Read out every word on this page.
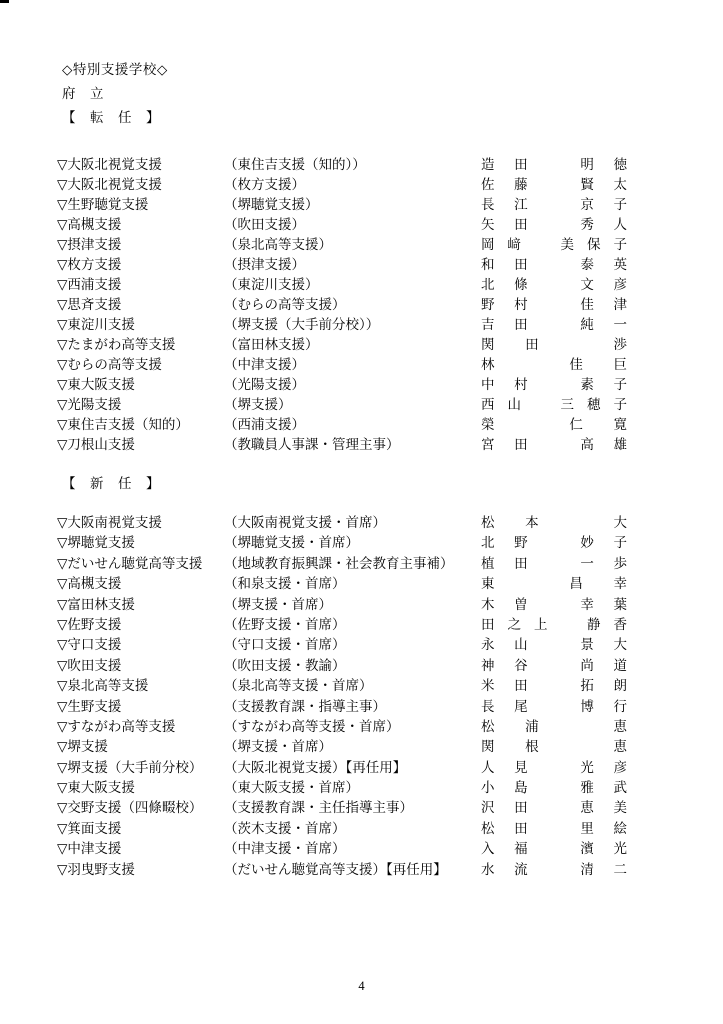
◇特別支援学校◇
府　立
【　転　任　】
▽大阪北視覚支援	（東住吉支援（知的））	造 田	明 徳
▽大阪北視覚支援	（枚方支援）	佐 藤	賢 太
▽生野聴覚支援	（堺聴覚支援）	長 江	京 子
▽高槻支援	（吹田支援）	矢 田	秀 人
▽摂津支援	（泉北高等支援）	岡 﨑	美 保 子
▽枚方支援	（摂津支援）	和 田	泰 英
▽西浦支援	（東淀川支援）	北 條	文 彦
▽思斉支援	（むらの高等支援）	野 村	佳 津
▽東淀川支援	（堺支援（大手前分校））	吉 田	純 一
▽たまがわ高等支援	（富田林支援）	関 田	渉
▽むらの高等支援	（中津支援）	林	佳 巨
▽東大阪支援	（光陽支援）	中 村	素 子
▽光陽支援	（堺支援）	西 山	三 穂 子
▽東住吉支援（知的）	（西浦支援）	榮	仁 寛
▽刀根山支援	（教職員人事課・管理主事）	宮 田	高 雄
【　新　任　】
▽大阪南視覚支援	（大阪南視覚支援・首席）	松 本	大
▽堺聴覚支援	（堺聴覚支援・首席）	北 野	妙 子
▽だいせん聴覚高等支援	（地域教育振興課・社会教育主事補）	植 田	一 歩
▽高槻支援	（和泉支援・首席）	東	昌 幸
▽富田林支援	（堺支援・首席）	木 曽	幸 葉
▽佐野支援	（佐野支援・首席）	田 之 上	静 香
▽守口支援	（守口支援・首席）	永 山	景 大
▽吹田支援	（吹田支援・教諭）	神 谷	尚 道
▽泉北高等支援	（泉北高等支援・首席）	米 田	拓 朗
▽生野支援	（支援教育課・指導主事）	長 尾	博 行
▽すながわ高等支援	（すながわ高等支援・首席）	松 浦	恵
▽堺支援	（堺支援・首席）	関 根	恵
▽堺支援（大手前分校）	（大阪北視覚支援）【再任用】	人 見	光 彦
▽東大阪支援	（東大阪支援・首席）	小 島	雅 武
▽交野支援（四條畷校）	（支援教育課・主任指導主事）	沢 田	恵 美
▽箕面支援	（茨木支援・首席）	松 田	里 絵
▽中津支援	（中津支援・首席）	入 福	濱 光
▽羽曳野支援	（だいせん聴覚高等支援）【再任用】	水 流	清 二
4
